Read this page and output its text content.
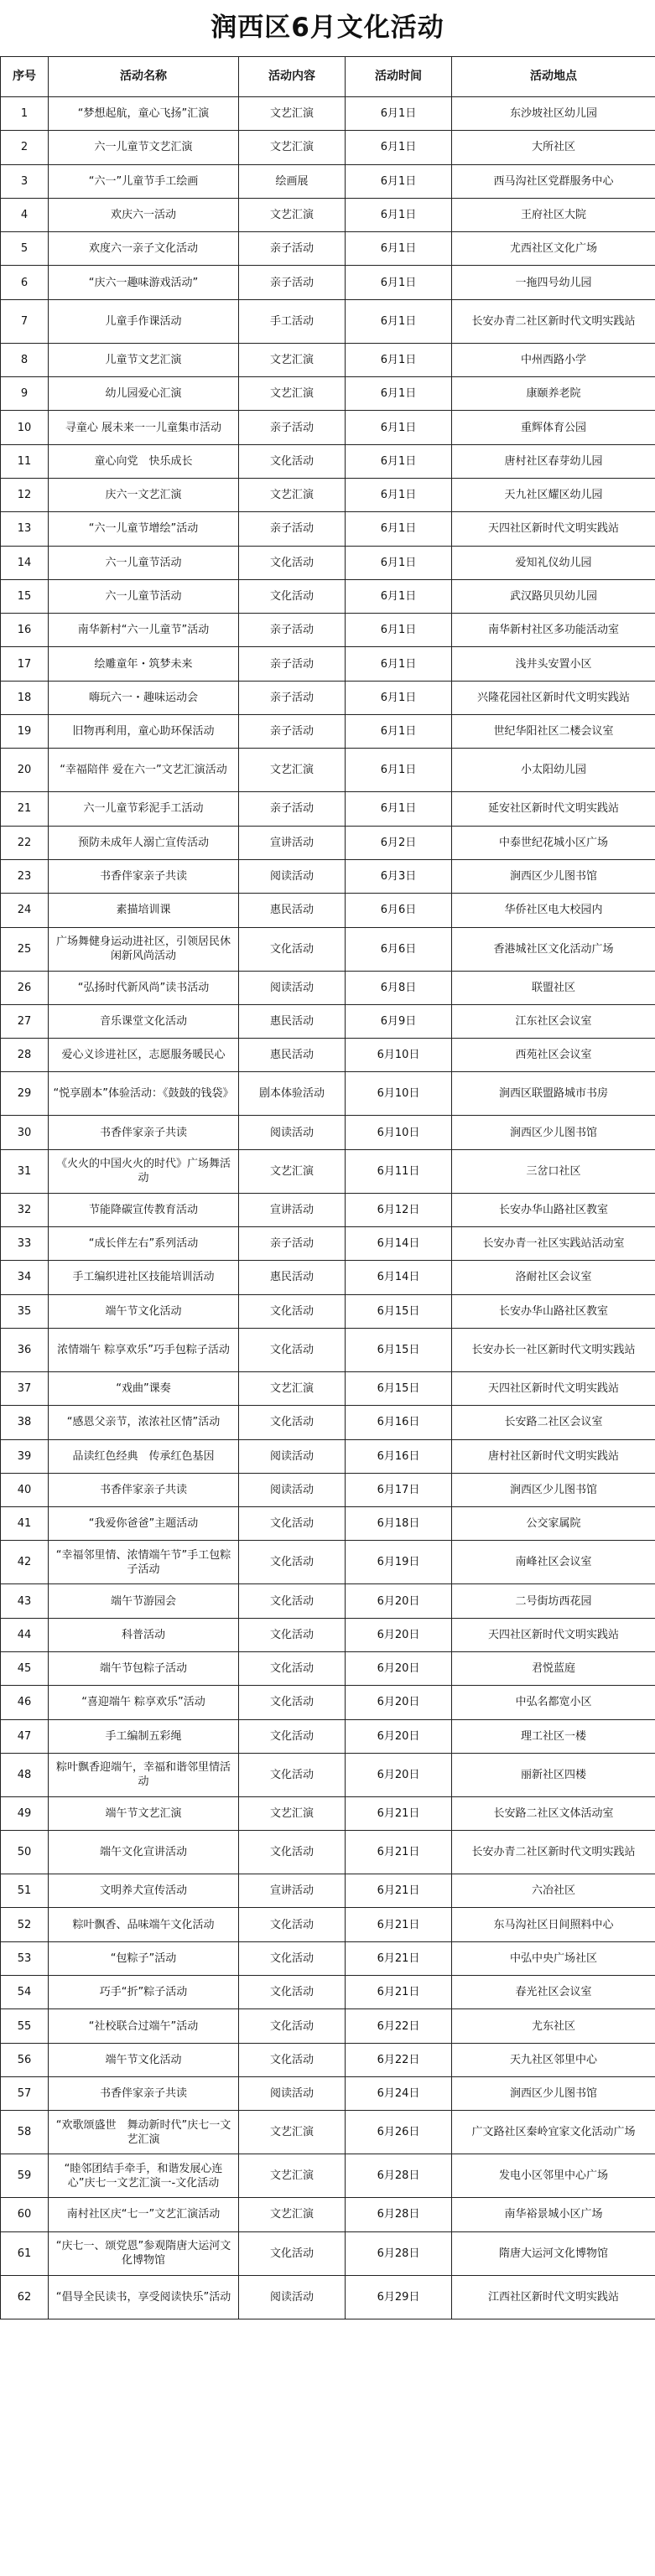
润西区6月文化活动
序号	活动名称	活动内容	活动时间	活动地点
1	“梦想起航，童心飞扬”汇演	文艺汇演	6月1日	东沙坡社区幼儿园
2	六一儿童节文艺汇演	文艺汇演	6月1日	大所社区
3	“六一”儿童节手工绘画	绘画展	6月1日	西马沟社区党群服务中心
4	欢庆六一活动	文艺汇演	6月1日	王府社区大院
5	欢度六一亲子文化活动	亲子活动	6月1日	尤西社区文化广场
6	“庆六一趣味游戏活动”	亲子活动	6月1日	一拖四号幼儿园
7	儿童手作课活动	手工活动	6月1日	长安办青二社区新时代文明实践站
8	儿童节文艺汇演	文艺汇演	6月1日	中州西路小学
9	幼儿园爱心汇演	文艺汇演	6月1日	康颐养老院
10	寻童心 展未来一一儿童集市活动	亲子活动	6月1日	重辉体育公园
11	童心向党　快乐成长	文化活动	6月1日	唐村社区春芽幼儿园
12	庆六一文艺汇演	文艺汇演	6月1日	天九社区耀区幼儿园
13	“六一儿童节增绘”活动	亲子活动	6月1日	天四社区新时代文明实践站
14	六一儿童节活动	文化活动	6月1日	爱知礼仪幼儿园
15	六一儿童节活动	文化活动	6月1日	武汉路贝贝幼儿园
16	南华新村“六一儿童节”活动	亲子活动	6月1日	南华新村社区多功能活动室
17	绘雕童年・筑梦未来	亲子活动	6月1日	浅井头安置小区
18	嗨玩六一・趣味运动会	亲子活动	6月1日	兴隆花园社区新时代文明实践站
19	旧物再利用，童心助环保活动	亲子活动	6月1日	世纪华阳社区二楼会议室
20	“幸福陪伴 爱在六一”文艺汇演活动	文艺汇演	6月1日	小太阳幼儿园
21	六一儿童节彩泥手工活动	亲子活动	6月1日	延安社区新时代文明实践站
22	预防未成年人溺亡宣传活动	宣讲活动	6月2日	中泰世纪花城小区广场
23	书香伴家亲子共读	阅读活动	6月3日	涧西区少儿图书馆
24	素描培训课	惠民活动	6月6日	华侨社区电大校园内
25	广场舞健身运动进社区，引领居民休闲新风尚活动	文化活动	6月6日	香港城社区文化活动广场
26	“弘扬时代新风尚”读书活动	阅读活动	6月8日	联盟社区
27	音乐课堂文化活动	惠民活动	6月9日	江东社区会议室
28	爱心义诊进社区，志愿服务暖民心	惠民活动	6月10日	西苑社区会议室
29	“悦享剧本”体验活动：《鼓鼓的钱袋》	剧本体验活动	6月10日	涧西区联盟路城市书房
30	书香伴家亲子共读	阅读活动	6月10日	涧西区少儿图书馆
31	《火火的中国火火的时代》广场舞活动	文艺汇演	6月11日	三岔口社区
32	节能降碳宣传教育活动	宣讲活动	6月12日	长安办华山路社区教室
33	“成长伴左右”系列活动	亲子活动	6月14日	长安办青一社区实践站活动室
34	手工编织进社区技能培训活动	惠民活动	6月14日	洛耐社区会议室
35	端午节文化活动	文化活动	6月15日	长安办华山路社区教室
36	浓情端午 粽享欢乐”巧手包粽子活动	文化活动	6月15日	长安办长一社区新时代文明实践站
37	“戏曲”课奏	文艺汇演	6月15日	天四社区新时代文明实践站
38	“感恩父亲节，浓浓社区情”活动	文化活动	6月16日	长安路二社区会议室
39	品读红色经典　传承红色基因	阅读活动	6月16日	唐村社区新时代文明实践站
40	书香伴家亲子共读	阅读活动	6月17日	涧西区少儿图书馆
41	“我爱你爸爸”主题活动	文化活动	6月18日	公交家属院
42	“幸福邻里情、浓情端午节”手工包粽子活动	文化活动	6月19日	南峰社区会议室
43	端午节游园会	文化活动	6月20日	二号街坊西花园
44	科普活动	文化活动	6月20日	天四社区新时代文明实践站
45	端午节包粽子活动	文化活动	6月20日	君悦蓝庭
46	“喜迎端午 粽享欢乐”活动	文化活动	6月20日	中弘名都宽小区
47	手工编制五彩绳	文化活动	6月20日	理工社区一楼
48	粽叶飘香迎端午，幸福和谐邻里情活动	文化活动	6月20日	丽新社区四楼
49	端午节文艺汇演	文艺汇演	6月21日	长安路二社区文体活动室
50	端午文化宣讲活动	文化活动	6月21日	长安办青二社区新时代文明实践站
51	文明养犬宣传活动	宣讲活动	6月21日	六冶社区
52	粽叶飘香、品味端午文化活动	文化活动	6月21日	东马沟社区日间照料中心
53	“包粽子”活动	文化活动	6月21日	中弘中央广场社区
54	巧手“折”粽子活动	文化活动	6月21日	春光社区会议室
55	“社校联合过端午”活动	文化活动	6月22日	尤东社区
56	端午节文化活动	文化活动	6月22日	天九社区邻里中心
57	书香伴家亲子共读	阅读活动	6月24日	涧西区少儿图书馆
58	“欢歌颂盛世　舞动新时代”庆七一文艺汇演	文艺汇演	6月26日	广文路社区秦岭宜家文化活动广场
59	“睦邻团结手牵手，和谐发展心连心”庆七一文艺汇演一-文化活动	文艺汇演	6月28日	发电小区邻里中心广场
60	南村社区庆“七一”文艺汇演活动	文艺汇演	6月28日	南华裕景城小区广场
61	“庆七一、颂党恩”参观隋唐大运河文化博物馆	文化活动	6月28日	隋唐大运河文化博物馆
62	“倡导全民读书，享受阅读快乐”活动	阅读活动	6月29日	江西社区新时代文明实践站
